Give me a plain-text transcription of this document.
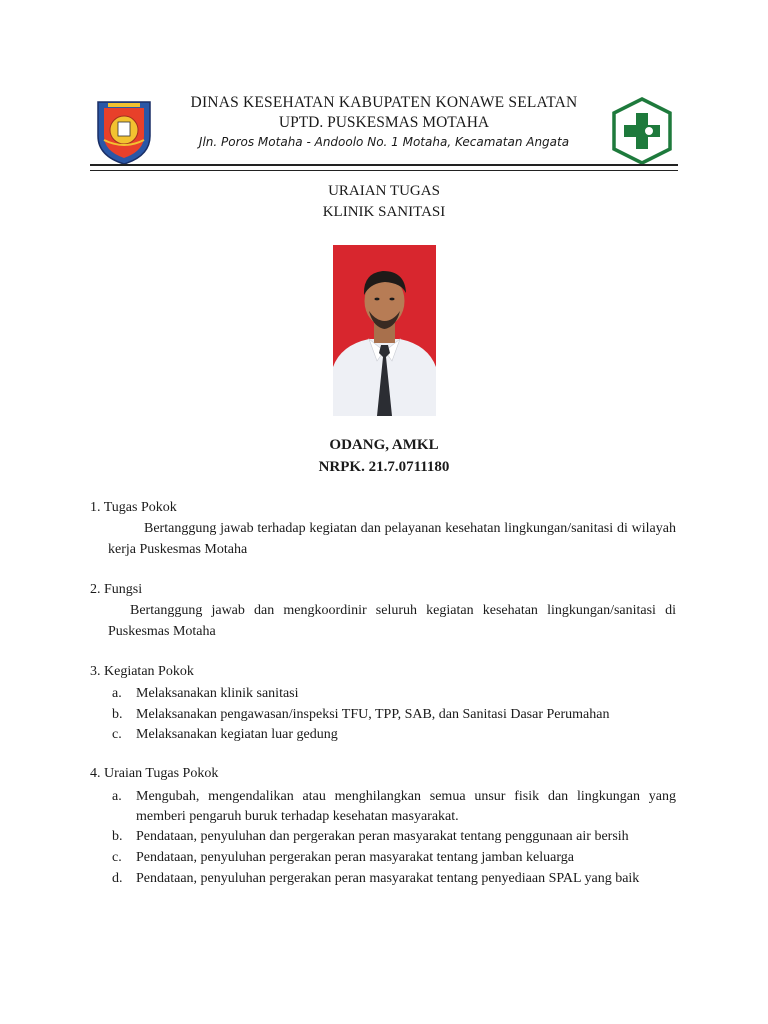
DINAS KESEHATAN KABUPATEN KONAWE SELATAN
UPTD. PUSKESMAS MOTAHA
Jln. Poros Motaha - Andoolo No. 1 Motaha, Kecamatan Angata
URAIAN TUGAS
KLINIK SANITASI
ODANG, AMKL
NRPK. 21.7.0711180
1. Tugas Pokok
Bertanggung jawab terhadap kegiatan dan pelayanan kesehatan lingkungan/sanitasi di wilayah kerja Puskesmas Motaha
2. Fungsi
Bertanggung jawab dan mengkoordinir seluruh kegiatan kesehatan lingkungan/sanitasi di Puskesmas Motaha
3. Kegiatan Pokok
a.	Melaksanakan klinik sanitasi
b. Melaksanakan pengawasan/inspeksi TFU, TPP, SAB, dan Sanitasi Dasar Perumahan
c.	Melaksanakan kegiatan luar gedung
4. Uraian Tugas Pokok
a.	Mengubah, mengendalikan atau menghilangkan semua unsur fisik dan lingkungan yang memberi pengaruh buruk terhadap kesehatan masyarakat.
b. Pendataan, penyuluhan dan pergerakan peran masyarakat tentang penggunaan air bersih
c.	Pendataan, penyuluhan pergerakan peran masyarakat tentang jamban keluarga
d. Pendataan, penyuluhan pergerakan peran masyarakat tentang penyediaan SPAL yang baik
